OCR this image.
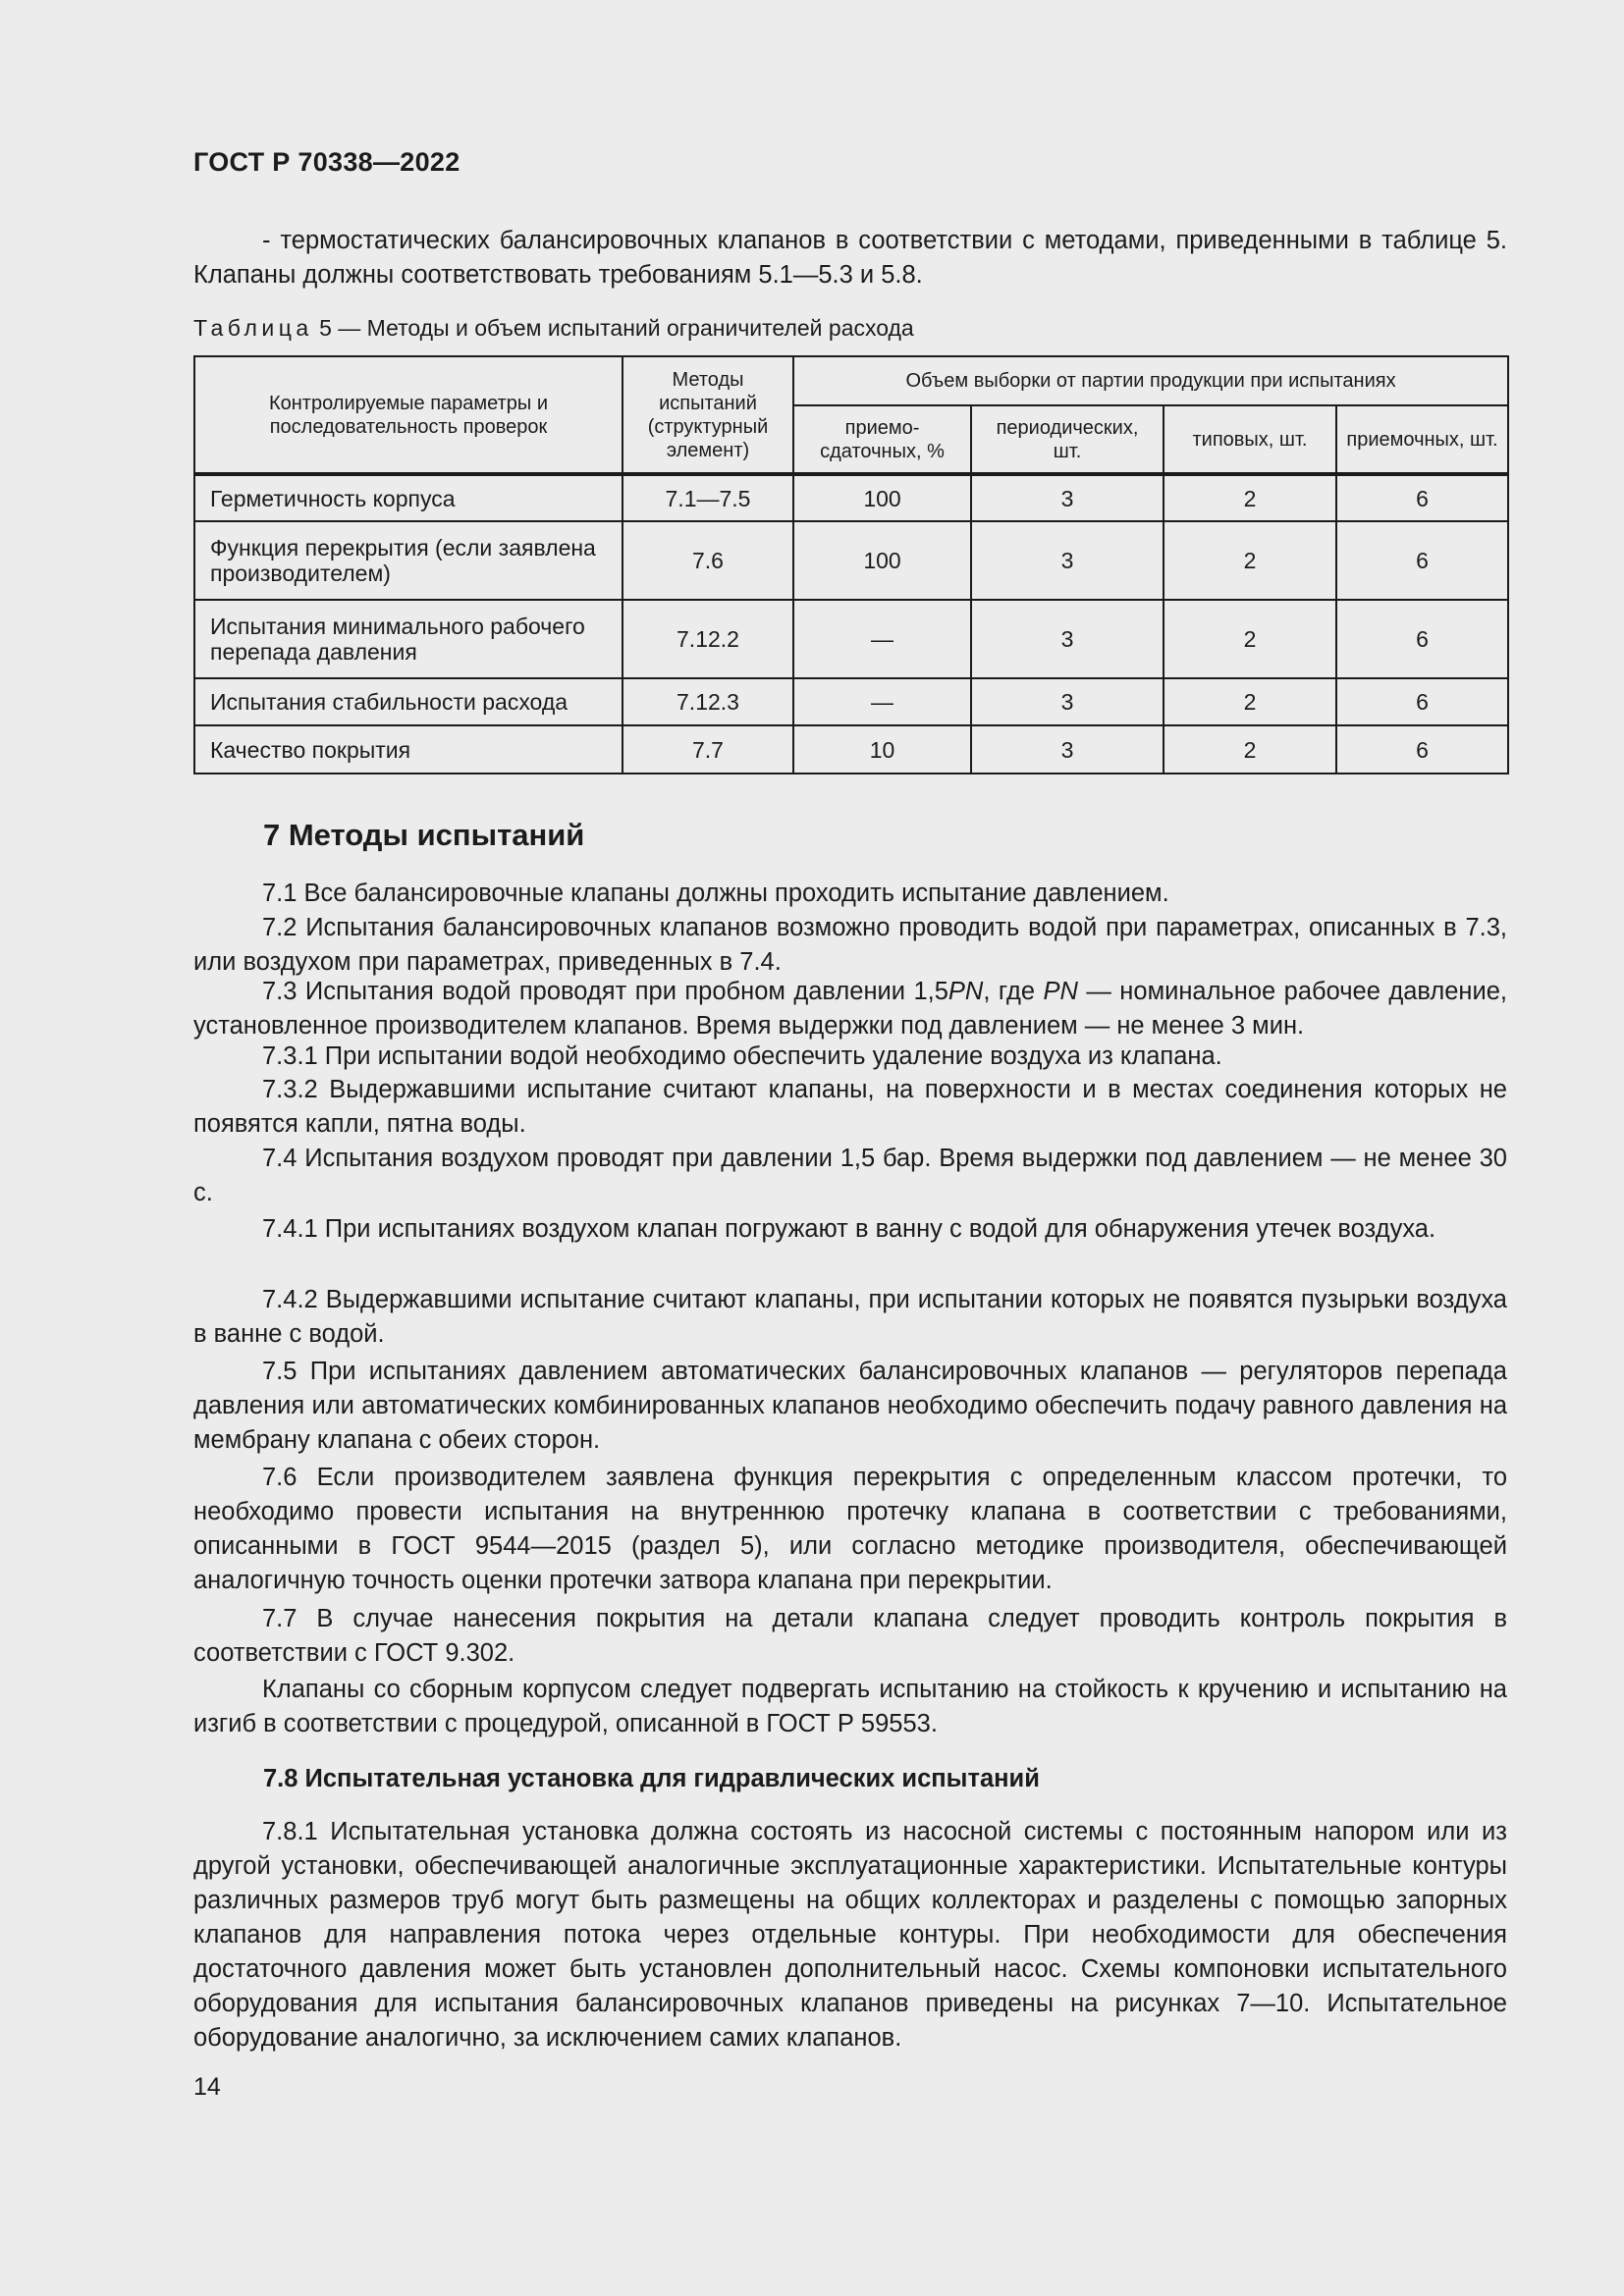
ГОСТ Р 70338—2022
- термостатических балансировочных клапанов в соответствии с методами, приведенными в таблице 5. Клапаны должны соответствовать требованиям 5.1—5.3 и 5.8.
Таблица 5 — Методы и объем испытаний ограничителей расхода
Контролируемые параметры и последовательность проверок	Методы испытаний (структурный элемент)	Объем выборки от партии продукции при испытаниях			
		приемо-сдаточных, %	периодических, шт.	типовых, шт.	приемочных, шт.
Герметичность корпуса	7.1—7.5	100	3	2	6
Функция перекрытия (если заявлена производителем)	7.6	100	3	2	6
Испытания минимального рабочего перепада давления	7.12.2	—	3	2	6
Испытания стабильности расхода	7.12.3	—	3	2	6
Качество покрытия	7.7	10	3	2	6
7 Методы испытаний
7.1 Все балансировочные клапаны должны проходить испытание давлением.
7.2 Испытания балансировочных клапанов возможно проводить водой при параметрах, описанных в 7.3, или воздухом при параметрах, приведенных в 7.4.
7.3 Испытания водой проводят при пробном давлении 1,5PN, где PN — номинальное рабочее давление, установленное производителем клапанов. Время выдержки под давлением — не менее 3 мин.
7.3.1 При испытании водой необходимо обеспечить удаление воздуха из клапана.
7.3.2 Выдержавшими испытание считают клапаны, на поверхности и в местах соединения которых не появятся капли, пятна воды.
7.4 Испытания воздухом проводят при давлении 1,5 бар. Время выдержки под давлением — не менее 30 с.
7.4.1 При испытаниях воздухом клапан погружают в ванну с водой для обнаружения утечек воздуха.
7.4.2 Выдержавшими испытание считают клапаны, при испытании которых не появятся пузырьки воздуха в ванне с водой.
7.5 При испытаниях давлением автоматических балансировочных клапанов — регуляторов перепада давления или автоматических комбинированных клапанов необходимо обеспечить подачу равного давления на мембрану клапана с обеих сторон.
7.6 Если производителем заявлена функция перекрытия с определенным классом протечки, то необходимо провести испытания на внутреннюю протечку клапана в соответствии с требованиями, описанными в ГОСТ 9544—2015 (раздел 5), или согласно методике производителя, обеспечивающей аналогичную точность оценки протечки затвора клапана при перекрытии.
7.7 В случае нанесения покрытия на детали клапана следует проводить контроль покрытия в соответствии с ГОСТ 9.302.
Клапаны со сборным корпусом следует подвергать испытанию на стойкость к кручению и испытанию на изгиб в соответствии с процедурой, описанной в ГОСТ Р 59553.
7.8 Испытательная установка для гидравлических испытаний
7.8.1 Испытательная установка должна состоять из насосной системы с постоянным напором или из другой установки, обеспечивающей аналогичные эксплуатационные характеристики. Испытательные контуры различных размеров труб могут быть размещены на общих коллекторах и разделены с помощью запорных клапанов для направления потока через отдельные контуры. При необходимости для обеспечения достаточного давления может быть установлен дополнительный насос. Схемы компоновки испытательного оборудования для испытания балансировочных клапанов приведены на рисунках 7—10. Испытательное оборудование аналогично, за исключением самих клапанов.
14
